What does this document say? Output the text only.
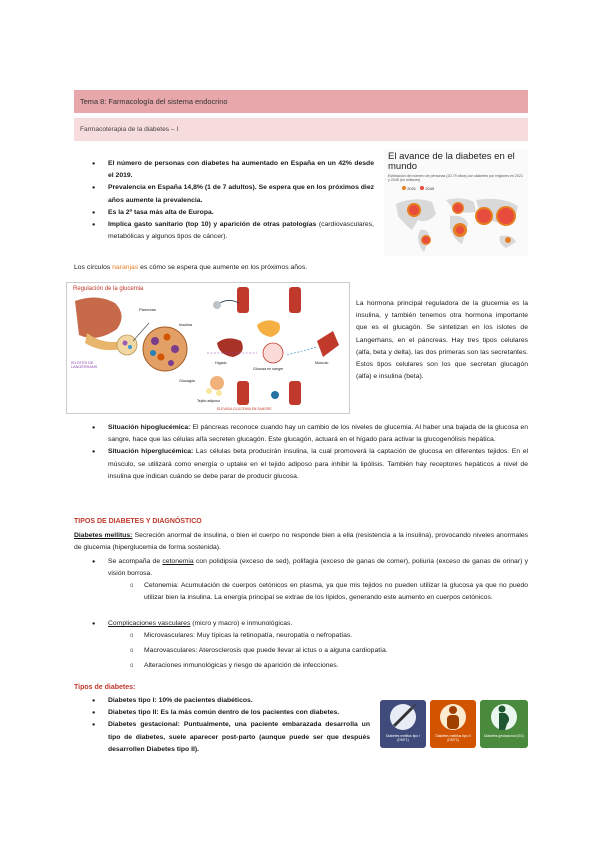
Tema 8: Farmacología del sistema endocrino
Farmacoterapia de la diabetes – I
● El número de personas con diabetes ha aumentado en España en un 42% desde el 2019.
● Prevalencia en España 14,8% (1 de 7 adultos). Se espera que en los próximos diez años aumente la prevalencia.
● Es la 2ª tasa más alta de Europa.
● Implica gasto sanitario (top 10) y aparición de otras patologías (cardiovasculares, metabólicas y algunos tipos de cáncer).
El avance de la diabetes en el mundo
Estimación del número de personas (20-79 años) con diabetes por regiones en 2021 y 2045 (en millones)
2021 2045
Los círculos naranjas es cómo se espera que aumente en los próximos años.
Regulación de la glucemia
Páncreas
ISLOTES DE LANGERHANS
Insulina
Glucagón
Glucosa en sangre
Hígado	Músculo
Tejido adiposo
ELEVADA GLUCEMIA EN SANGRE
La hormona principal reguladora de la glucemia es la insulina, y también tenemos otra hormona importante que es el glucagón. Se sintetizan en los islotes de Langerhans, en el páncreas. Hay tres tipos celulares (alfa, beta y delta), las dos primeras son las secretantes. Estos tipos celulares son los que secretan glucagón (alfa) e insulina (beta).
● Situación hipoglucémica: El páncreas reconoce cuando hay un cambio de los niveles de glucemia. Al haber una bajada de la glucosa en sangre, hace que las células alfa secreten glucagón. Este glucagón, actuará en el hígado para activar la glucogenólisis hepática.
● Situación hiperglucémica: Las células beta producirán insulina, la cual promoverá la captación de glucosa en diferentes tejidos. En el músculo, se utilizará como energía o uptake en el tejido adiposo para inhibir la lipólisis. También hay receptores hepáticos a nivel de insulina que indican cuándo se debe parar de producir glucosa.
TIPOS DE DIABETES Y DIAGNÓSTICO
Diabetes mellitus: Secreción anormal de insulina, o bien el cuerpo no responde bien a ella (resistencia a la insulina), provocando niveles anormales de glucemia (hiperglucemia de forma sostenida).
● Se acompaña de cetonemia con polidipsia (exceso de sed), polifagia (exceso de ganas de comer), poliuria (exceso de ganas de orinar) y visión borrosa.
o Cetonemia: Acumulación de cuerpos cetónicos en plasma, ya que mis tejidos no pueden utilizar la glucosa ya que no puedo utilizar bien la insulina. La energía principal se extrae de los lípidos, generando este aumento en cuerpos cetónicos.
● Complicaciones vasculares (micro y macro) e inmunológicas.
o Microvasculares: Muy típicas la retinopatía, neuropatía o nefropatías.
o Macrovasculares: Aterosclerosis que puede llevar al ictus o a alguna cardiopatía.
o Alteraciones inmunológicas y riesgo de aparición de infecciones.
Tipos de diabetes:
● Diabetes tipo I: 10% de pacientes diabéticos.
● Diabetes tipo II: Es la más común dentro de los pacientes con diabetes.
● Diabetes gestacional: Puntualmente, una paciente embarazada desarrolla un tipo de diabetes, suele aparecer post-parto (aunque puede ser que después desarrollen Diabetes tipo II).
Diabetes mellitus tipo I (DMT1)
Diabetes mellitus tipo II (DMT2)
Diabetes gestacional (DG)
